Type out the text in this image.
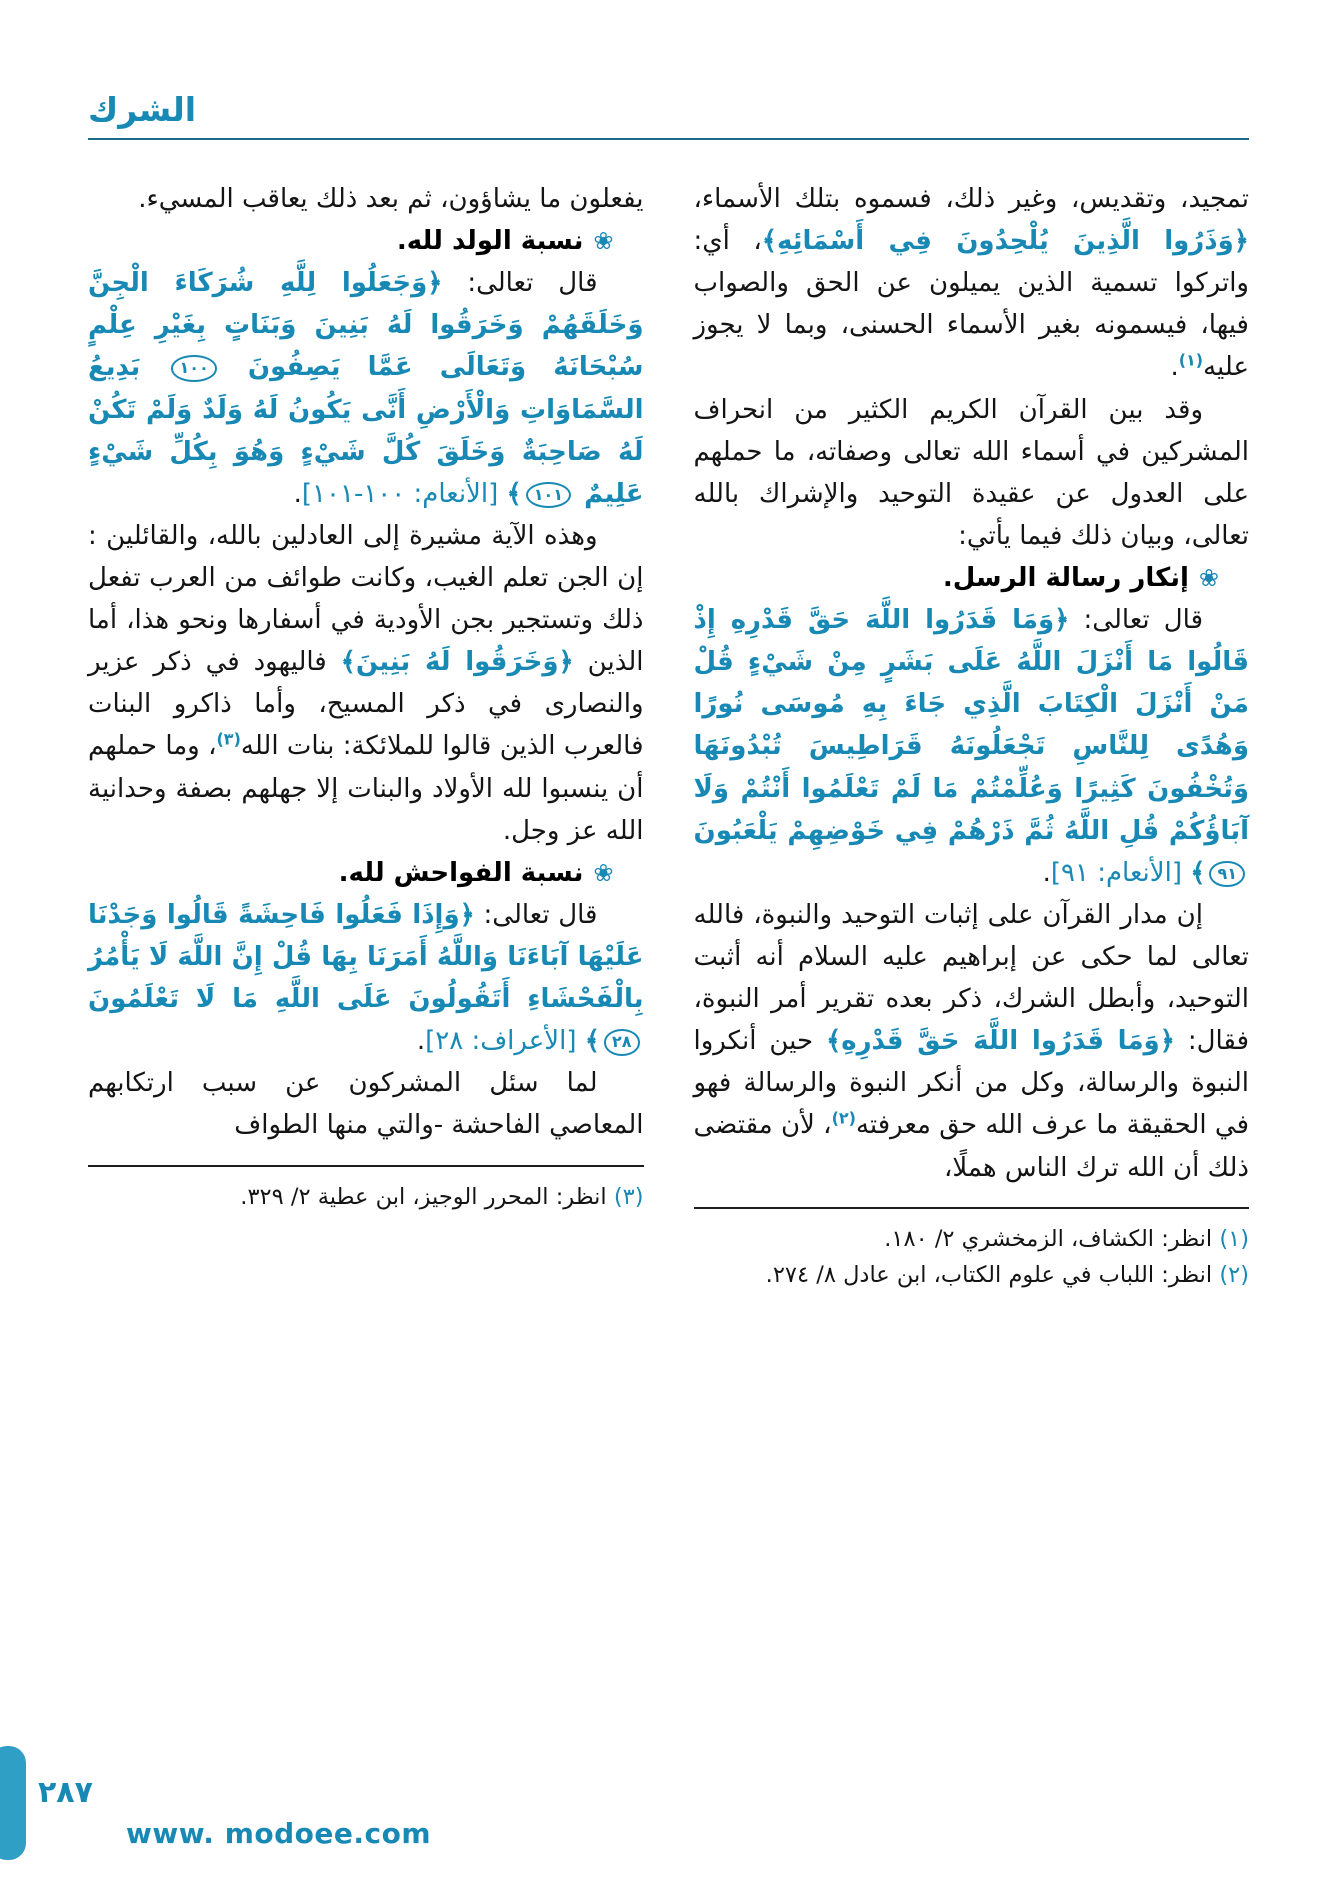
الشرك

تمجيد، وتقديس، وغير ذلك، فسموه بتلك الأسماء، ﴿وَذَرُوا الَّذِينَ يُلْحِدُونَ فِي أَسْمَائِهِ﴾، أي: واتركوا تسمية الذين يميلون عن الحق والصواب فيها، فيسمونه بغير الأسماء الحسنى، وبما لا يجوز عليه$^{(١)}$.

وقد بين القرآن الكريم الكثير من انحراف المشركين في أسماء الله تعالى وصفاته، ما حملهم على العدول عن عقيدة التوحيد والإشراك بالله تعالى، وبيان ذلك فيما يأتي:

❀إنكار رسالة الرسل.

قال تعالى: ﴿وَمَا قَدَرُوا اللَّهَ حَقَّ قَدْرِهِ إِذْ قَالُوا مَا أَنْزَلَ اللَّهُ عَلَى بَشَرٍ مِنْ شَيْءٍ قُلْ مَنْ أَنْزَلَ الْكِتَابَ الَّذِي جَاءَ بِهِ مُوسَى نُورًا وَهُدًى لِلنَّاسِ تَجْعَلُونَهُ قَرَاطِيسَ تُبْدُونَهَا وَتُخْفُونَ كَثِيرًا وَعُلِّمْتُمْ مَا لَمْ تَعْلَمُوا أَنْتُمْ وَلَا آبَاؤُكُمْ قُلِ اللَّهُ ثُمَّ ذَرْهُمْ فِي خَوْضِهِمْ يَلْعَبُونَ ٩١﴾ [الأنعام: ٩١].

إن مدار القرآن على إثبات التوحيد والنبوة، فالله تعالى لما حكى عن إبراهيم عليه السلام أنه أثبت التوحيد، وأبطل الشرك، ذكر بعده تقرير أمر النبوة، فقال: ﴿وَمَا قَدَرُوا اللَّهَ حَقَّ قَدْرِهِ﴾ حين أنكروا النبوة والرسالة، وكل من أنكر النبوة والرسالة فهو في الحقيقة ما عرف الله حق معرفته$^{(٢)}$، لأن مقتضى ذلك أن الله ترك الناس هملًا،

(١) انظر: الكشاف، الزمخشري ٢/ ١٨٠.
(٢) انظر: اللباب في علوم الكتاب، ابن عادل ٨/ ٢٧٤.

يفعلون ما يشاؤون، ثم بعد ذلك يعاقب المسيء.

❀نسبة الولد لله.

قال تعالى: ﴿وَجَعَلُوا لِلَّهِ شُرَكَاءَ الْجِنَّ وَخَلَقَهُمْ وَخَرَقُوا لَهُ بَنِينَ وَبَنَاتٍ بِغَيْرِ عِلْمٍ سُبْحَانَهُ وَتَعَالَى عَمَّا يَصِفُونَ ١٠٠ بَدِيعُ السَّمَاوَاتِ وَالْأَرْضِ أَنَّى يَكُونُ لَهُ وَلَدٌ وَلَمْ تَكُنْ لَهُ صَاحِبَةٌ وَخَلَقَ كُلَّ شَيْءٍ وَهُوَ بِكُلِّ شَيْءٍ عَلِيمٌ ١٠١﴾ [الأنعام: ١٠٠-١٠١].

وهذه الآية مشيرة إلى العادلين بالله، والقائلين : إن الجن تعلم الغيب، وكانت طوائف من العرب تفعل ذلك وتستجير بجن الأودية في أسفارها ونحو هذا، أما الذين ﴿وَخَرَقُوا لَهُ بَنِينَ﴾ فاليهود في ذكر عزير والنصارى في ذكر المسيح، وأما ذاكرو البنات فالعرب الذين قالوا للملائكة: بنات الله$^{(٣)}$، وما حملهم أن ينسبوا لله الأولاد والبنات إلا جهلهم بصفة وحدانية الله عز وجل.

❀نسبة الفواحش لله.

قال تعالى: ﴿وَإِذَا فَعَلُوا فَاحِشَةً قَالُوا وَجَدْنَا عَلَيْهَا آبَاءَنَا وَاللَّهُ أَمَرَنَا بِهَا قُلْ إِنَّ اللَّهَ لَا يَأْمُرُ بِالْفَحْشَاءِ أَتَقُولُونَ عَلَى اللَّهِ مَا لَا تَعْلَمُونَ ٢٨﴾ [الأعراف: ٢٨].

لما سئل المشركون عن سبب ارتكابهم المعاصي الفاحشة -والتي منها الطواف

(٣) انظر: المحرر الوجيز، ابن عطية ٢/ ٣٢٩.
٢٨٧
www. modoee.com
